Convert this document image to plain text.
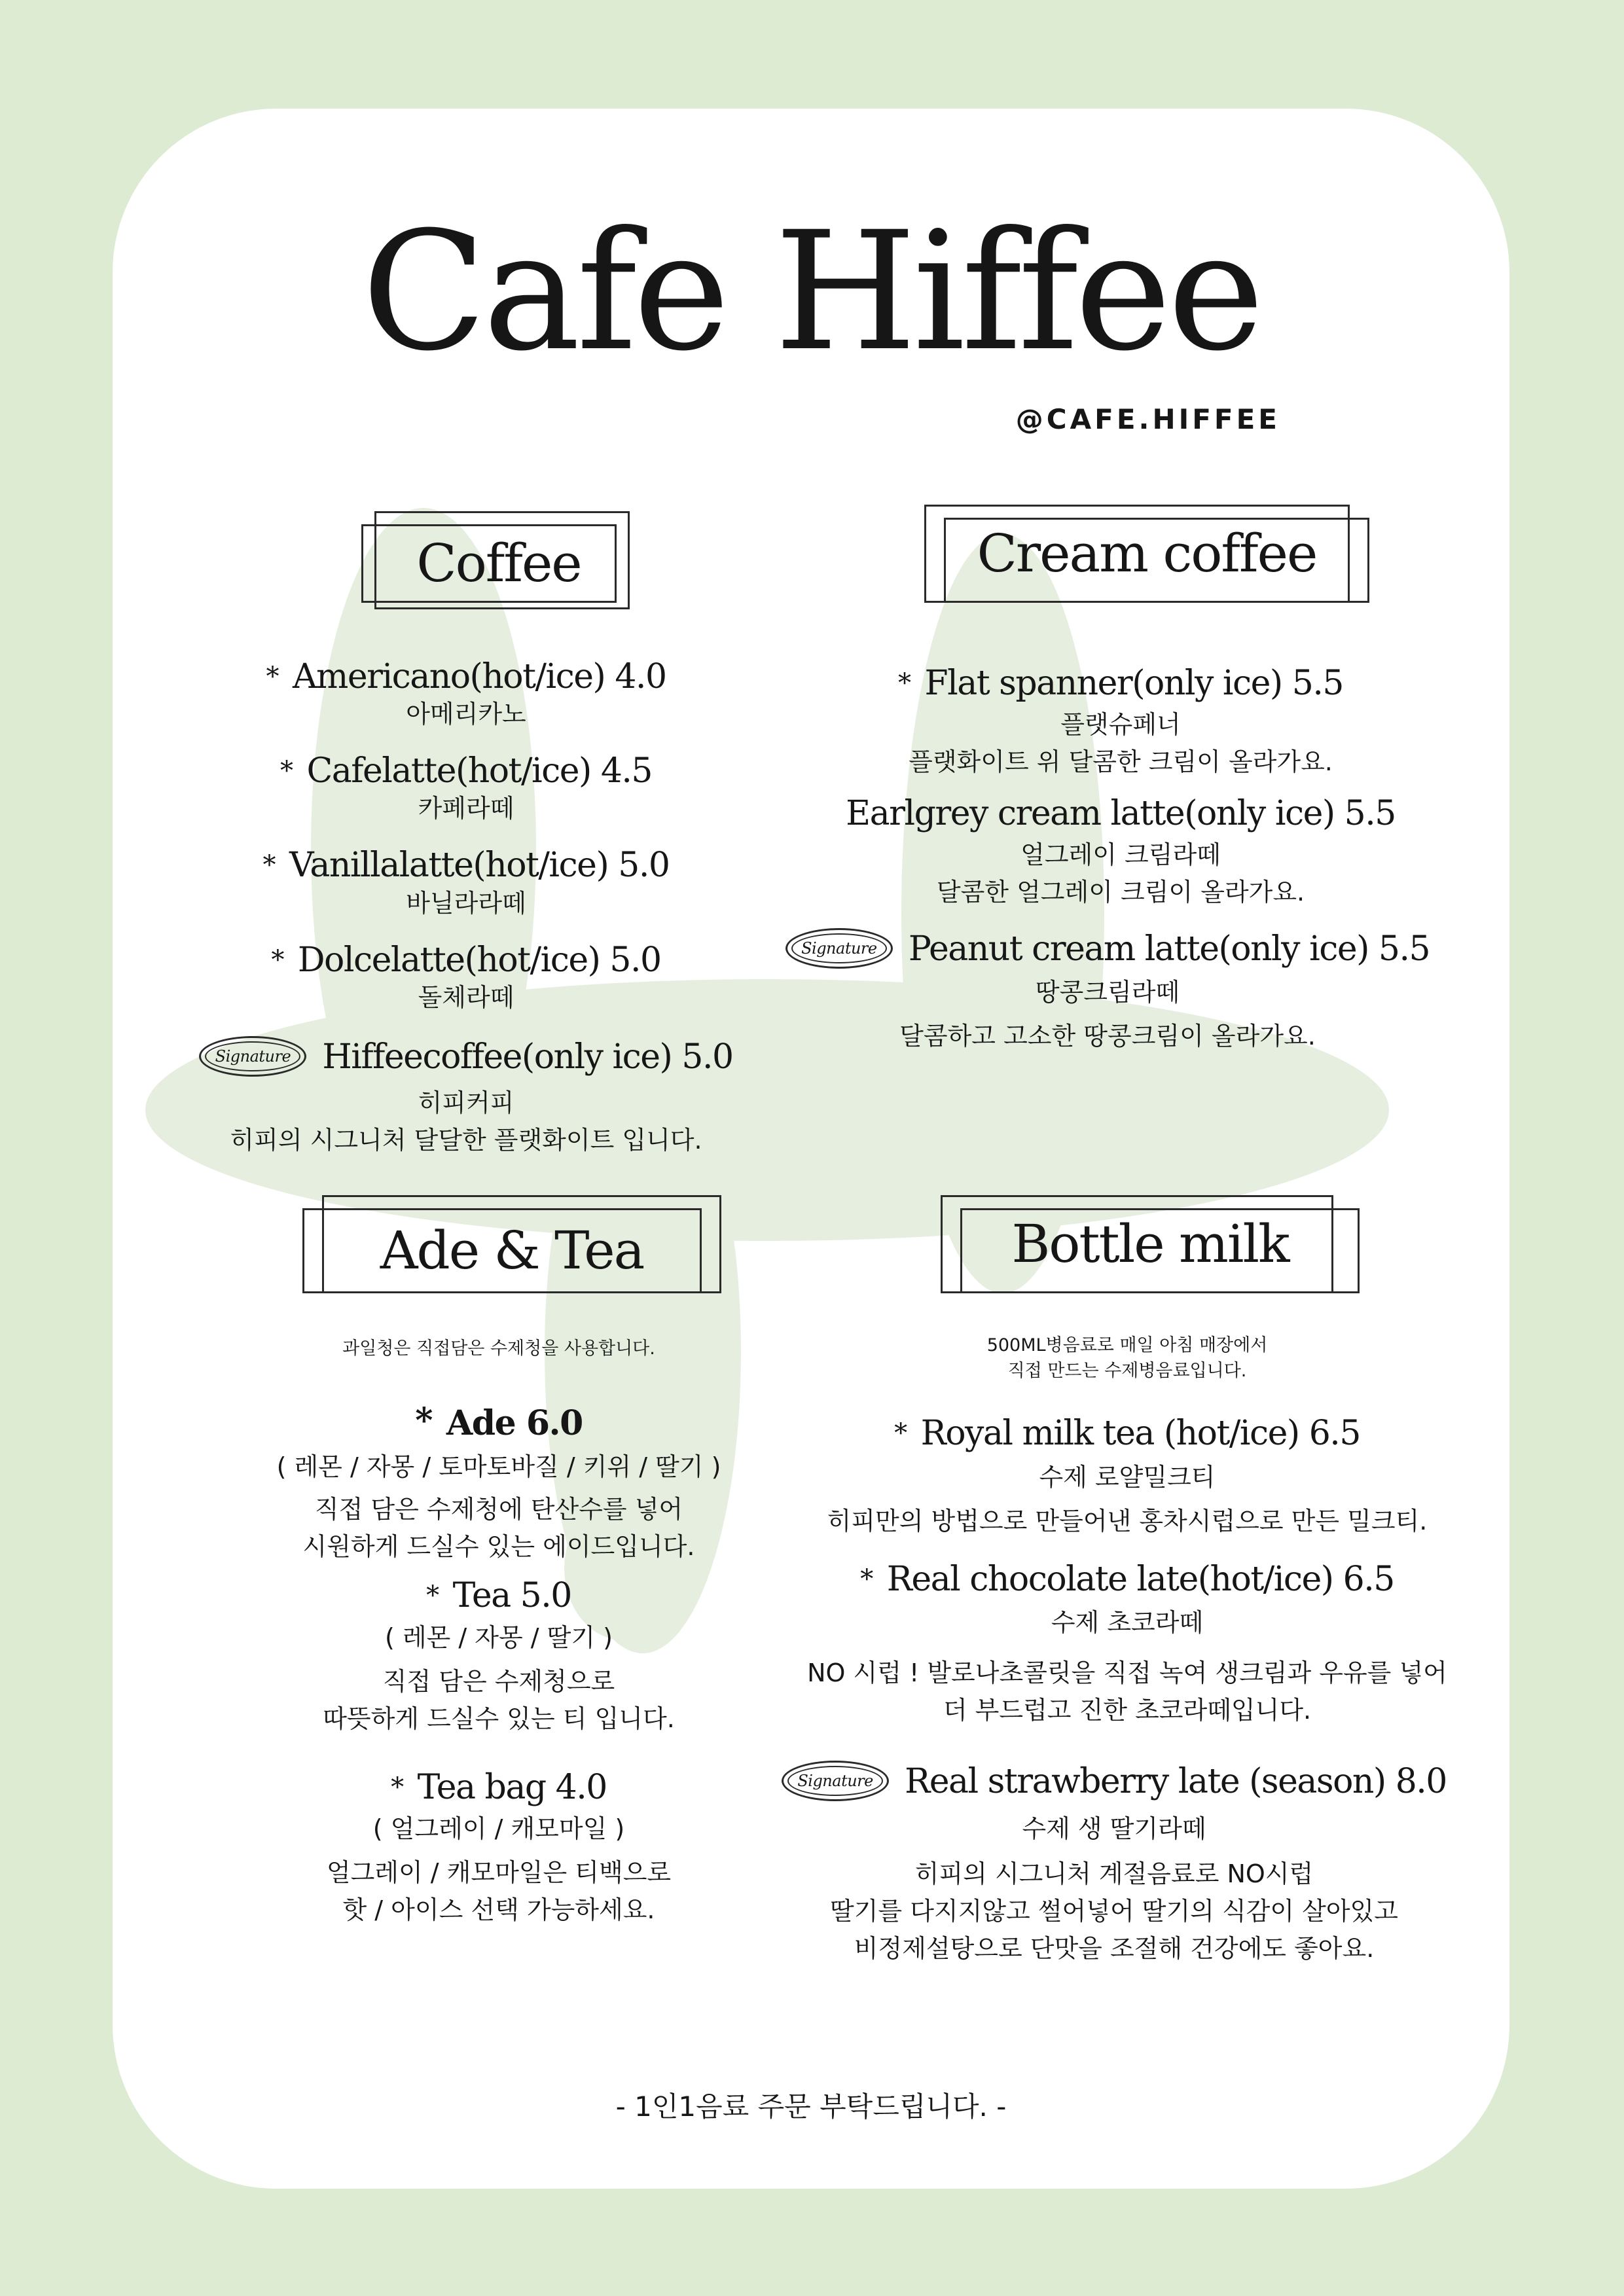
Cafe Hiffee
@CAFE.HIFFEE
Coffee	Cream coffee
Ade & Tea	Bottle milk
* Americano(hot/ice) 4.0
아메리카노
* Cafelatte(hot/ice) 4.5
카페라떼
* Vanillalatte(hot/ice) 5.0
바닐라라떼
* Dolcelatte(hot/ice) 5.0
돌체라떼
Signature Hiffeecoffee(only ice) 5.0
히피커피
히피의 시그니처 달달한 플랫화이트 입니다.
* Flat spanner(only ice) 5.5
플랫슈페너
플랫화이트 위 달콤한 크림이 올라가요.
Earlgrey cream latte(only ice) 5.5
얼그레이 크림라떼
달콤한 얼그레이 크림이 올라가요.
Signature Peanut cream latte(only ice) 5.5
땅콩크림라떼
달콤하고 고소한 땅콩크림이 올라가요.
과일청은 직접담은 수제청을 사용합니다.
* Ade 6.0
( 레몬 / 자몽 / 토마토바질 / 키위 / 딸기 )
직접 담은 수제청에 탄산수를 넣어
시원하게 드실수 있는 에이드입니다.
* Tea 5.0
( 레몬 / 자몽 / 딸기 )
직접 담은 수제청으로
따뜻하게 드실수 있는 티 입니다.
* Tea bag 4.0
( 얼그레이 / 캐모마일 )
얼그레이 / 캐모마일은 티백으로
핫 / 아이스 선택 가능하세요.
500ML병음료로 매일 아침 매장에서
직접 만드는 수제병음료입니다.
* Royal milk tea (hot/ice) 6.5
수제 로얄밀크티
히피만의 방법으로 만들어낸 홍차시럽으로 만든 밀크티.
* Real chocolate late(hot/ice) 6.5
수제 초코라떼
NO 시럽 ! 발로나초콜릿을 직접 녹여 생크림과 우유를 넣어
더 부드럽고 진한 초코라떼입니다.
Signature Real strawberry late (season) 8.0
수제 생 딸기라떼
히피의 시그니처 계절음료로 NO시럽
딸기를 다지지않고 썰어넣어 딸기의 식감이 살아있고
비정제설탕으로 단맛을 조절해 건강에도 좋아요.
- 1인1음료 주문 부탁드립니다. -
